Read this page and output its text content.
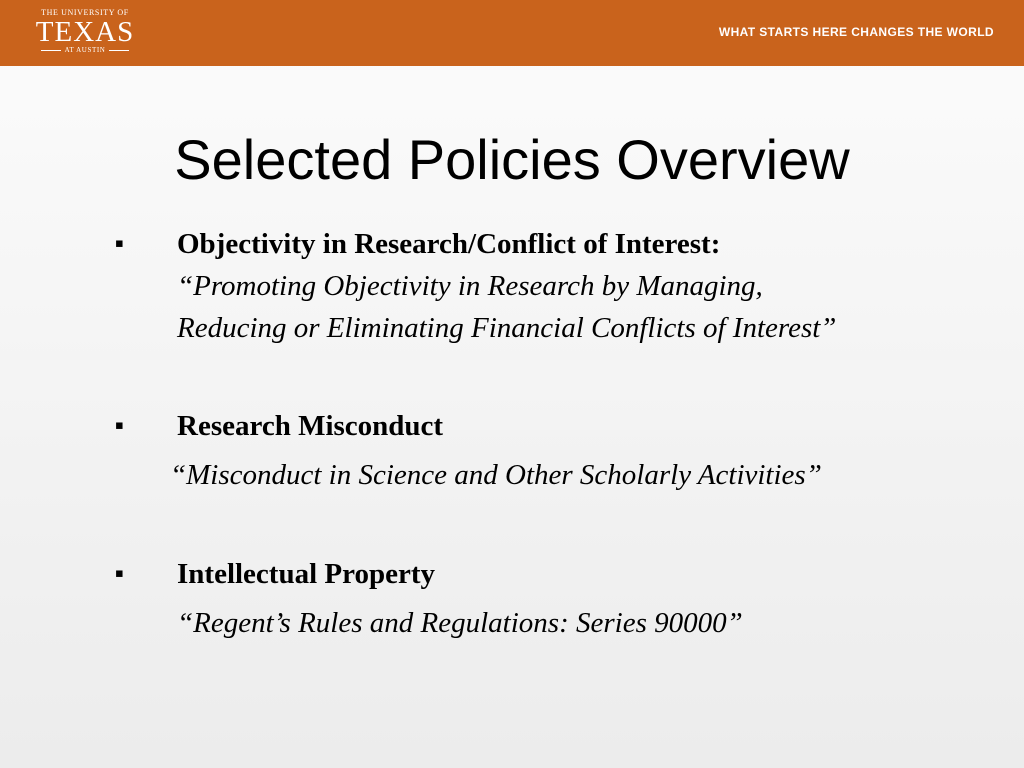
THE UNIVERSITY OF
TEXAS
AT AUSTIN
WHAT STARTS HERE CHANGES THE WORLD
Selected Policies Overview
▪ Objectivity in Research/Conflict of Interest:
“Promoting Objectivity in Research by Managing,
Reducing or Eliminating Financial Conflicts of Interest”
▪ Research Misconduct
“Misconduct in Science and Other Scholarly Activities”
▪ Intellectual Property
“Regent’s Rules and Regulations: Series 90000”
